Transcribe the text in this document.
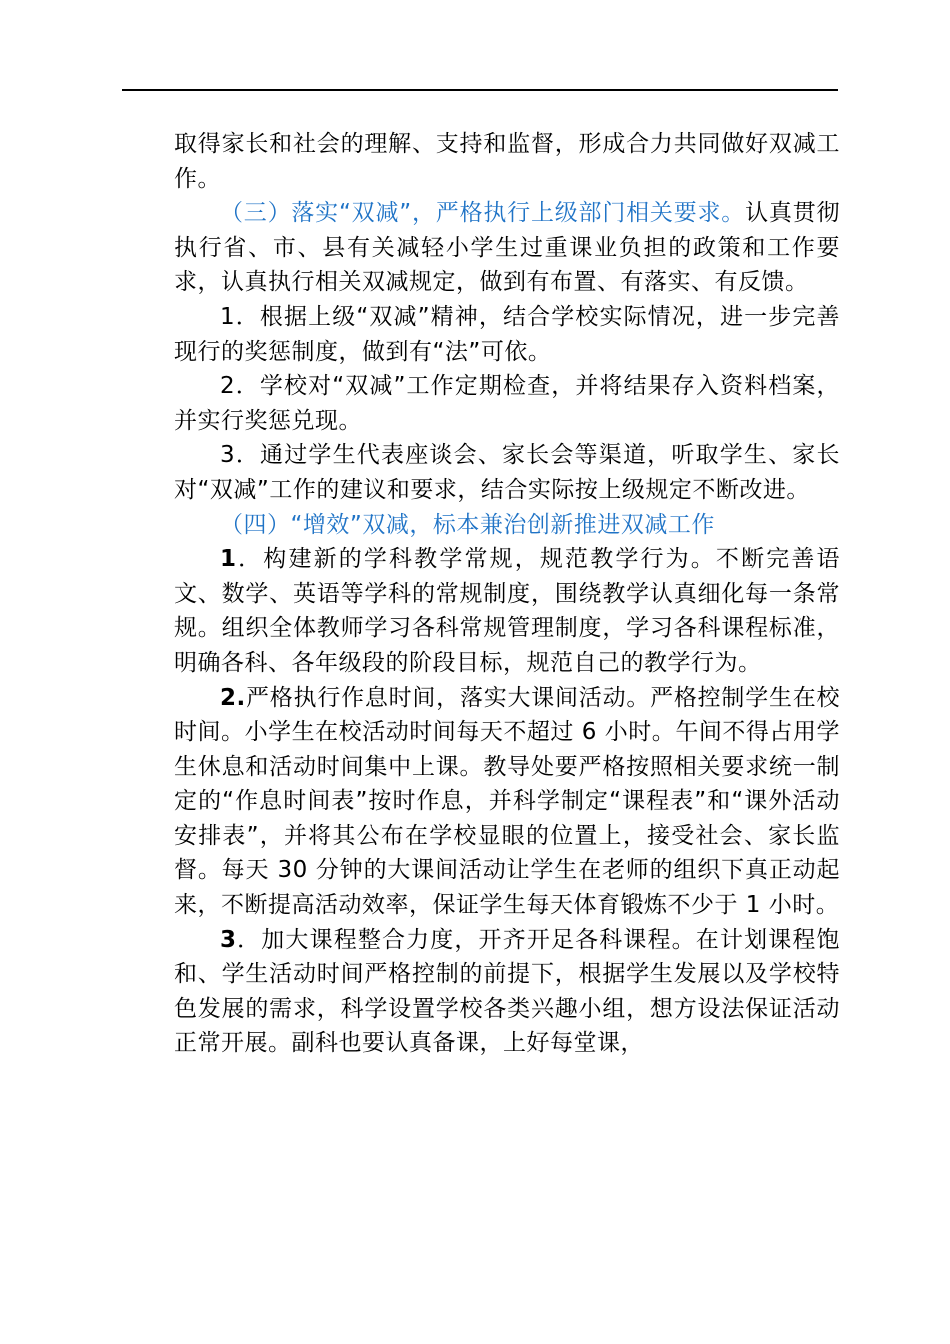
取得家长和社会的理解、支持和监督，形成合力共同做好双减工作。

（三）落实“双减”，严格执行上级部门相关要求。认真贯彻执行省、市、县有关减轻小学生过重课业负担的政策和工作要求，认真执行相关双减规定，做到有布置、有落实、有反馈。

1．根据上级“双减”精神，结合学校实际情况，进一步完善现行的奖惩制度，做到有“法”可依。

2．学校对“双减”工作定期检查，并将结果存入资料档案，并实行奖惩兑现。

3．通过学生代表座谈会、家长会等渠道，听取学生、家长对“双减”工作的建议和要求，结合实际按上级规定不断改进。

（四）“增效”双减，标本兼治创新推进双减工作

1．构建新的学科教学常规，规范教学行为。不断完善语文、数学、英语等学科的常规制度，围绕教学认真细化每一条常规。组织全体教师学习各科常规管理制度，学习各科课程标准，明确各科、各年级段的阶段目标，规范自己的教学行为。

2.严格执行作息时间，落实大课间活动。严格控制学生在校时间。小学生在校活动时间每天不超过 6 小时。午间不得占用学生休息和活动时间集中上课。教导处要严格按照相关要求统一制定的“作息时间表”按时作息，并科学制定“课程表”和“课外活动安排表”，并将其公布在学校显眼的位置上，接受社会、家长监督。每天 30 分钟的大课间活动让学生在老师的组织下真正动起来，不断提高活动效率，保证学生每天体育锻炼不少于 1 小时。

3．加大课程整合力度，开齐开足各科课程。在计划课程饱和、学生活动时间严格控制的前提下，根据学生发展以及学校特色发展的需求，科学设置学校各类兴趣小组，想方设法保证活动正常开展。副科也要认真备课，上好每堂课，
